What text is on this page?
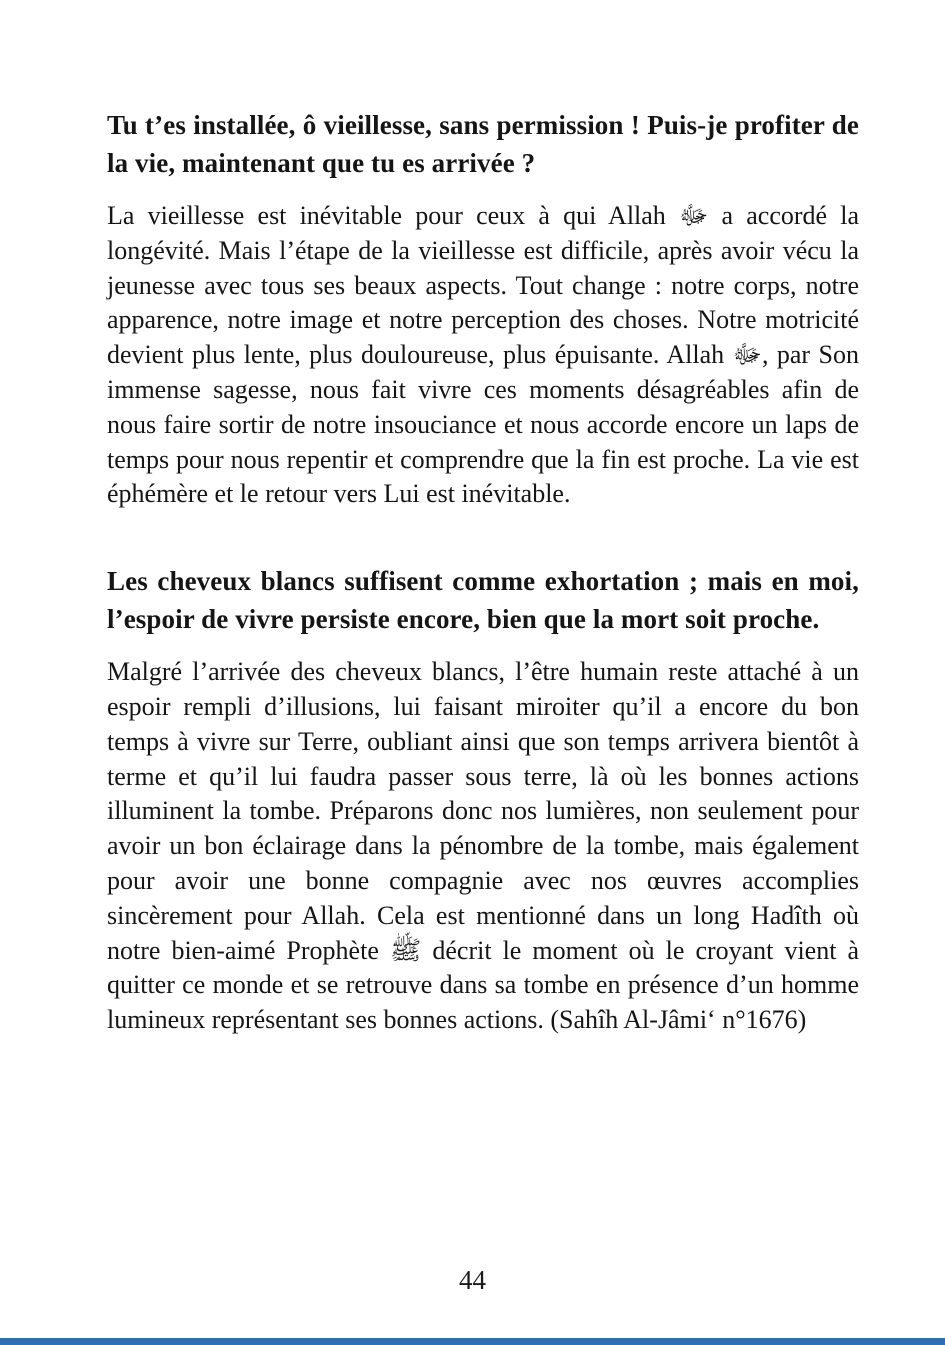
Tu t’es installée, ô vieillesse, sans permission ! Puis-je profiter de la vie, maintenant que tu es arrivée ?

La vieillesse est inévitable pour ceux à qui Allah ﷻ a accordé la longévité. Mais l’étape de la vieillesse est difficile, après avoir vécu la jeunesse avec tous ses beaux aspects. Tout change : notre corps, notre apparence, notre image et notre perception des choses. Notre motricité devient plus lente, plus douloureuse, plus épuisante. Allah ﷻ, par Son immense sagesse, nous fait vivre ces moments désagréables afin de nous faire sortir de notre insouciance et nous accorde encore un laps de temps pour nous repentir et comprendre que la fin est proche. La vie est éphémère et le retour vers Lui est inévitable.

Les cheveux blancs suffisent comme exhortation ; mais en moi, l’espoir de vivre persiste encore, bien que la mort soit proche.

Malgré l’arrivée des cheveux blancs, l’être humain reste attaché à un espoir rempli d’illusions, lui faisant miroiter qu’il a encore du bon temps à vivre sur Terre, oubliant ainsi que son temps arrivera bientôt à terme et qu’il lui faudra passer sous terre, là où les bonnes actions illuminent la tombe. Préparons donc nos lumières, non seulement pour avoir un bon éclairage dans la pénombre de la tombe, mais également pour avoir une bonne compagnie avec nos œuvres accomplies sincèrement pour Allah. Cela est mentionné dans un long Hadîth où notre bien-aimé Prophète ﷺ décrit le moment où le croyant vient à quitter ce monde et se retrouve dans sa tombe en présence d’un homme lumineux représentant ses bonnes actions. (Sahîh Al-Jâmi‘ n°1676)

44
